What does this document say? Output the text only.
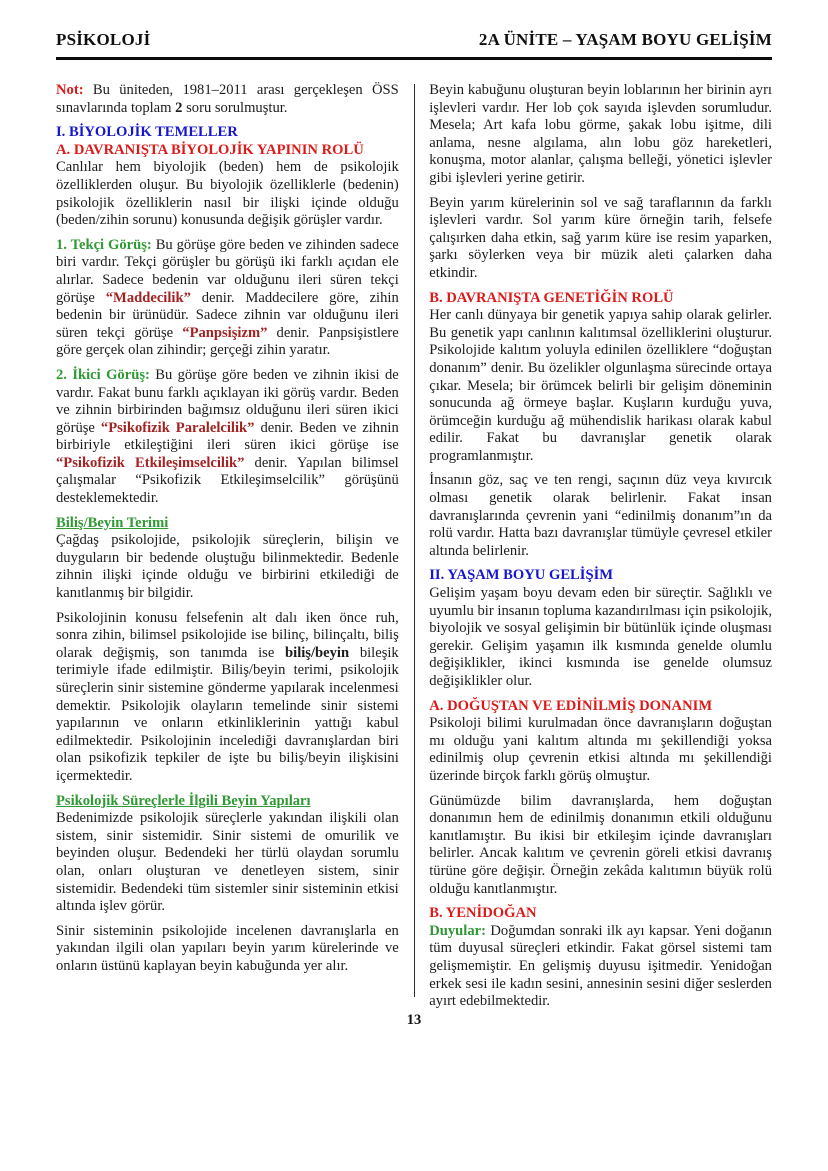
PSİKOLOJİ	2A ÜNİTE – YAŞAM BOYU GELİŞİM
Not: Bu üniteden, 1981–2011 arası gerçekleşen ÖSS sınavlarında toplam 2 soru sorulmuştur.
I. BİYOLOJİK TEMELLER
A. DAVRANIŞTA BİYOLOJİK YAPININ ROLÜ
Canlılar hem biyolojik (beden) hem de psikolojik özelliklerden oluşur. Bu biyolojik özelliklerle (bedenin) psikolojik özelliklerin nasıl bir ilişki içinde olduğu (beden/zihin sorunu) konusunda değişik görüşler vardır.
1. Tekçi Görüş: Bu görüşe göre beden ve zihinden sadece biri vardır. Tekçi görüşler bu görüşü iki farklı açıdan ele alırlar. Sadece bedenin var olduğunu ileri süren tekçi görüşe “Maddecilik” denir. Maddecilere göre, zihin bedenin bir ürünüdür. Sadece zihnin var olduğunu ileri süren tekçi görüşe “Panpsişizm” denir. Panpsişistlere göre gerçek olan zihindir; gerçeği zihin yaratır.
2. İkici Görüş: Bu görüşe göre beden ve zihnin ikisi de vardır. Fakat bunu farklı açıklayan iki görüş vardır. Beden ve zihnin birbirinden bağımsız olduğunu ileri süren ikici görüşe “Psikofizik Paralelcilik” denir. Beden ve zihnin birbiriyle etkileştiğini ileri süren ikici görüşe ise “Psikofizik Etkileşimselcilik” denir. Yapılan bilimsel çalışmalar “Psikofizik Etkileşimselcilik” görüşünü desteklemektedir.
Biliş/Beyin Terimi
Çağdaş psikolojide, psikolojik süreçlerin, bilişin ve duyguların bir bedende oluştuğu bilinmektedir. Bedenle zihnin ilişki içinde olduğu ve birbirini etkilediği de kanıtlanmış bir bilgidir.
Psikolojinin konusu felsefenin alt dalı iken önce ruh, sonra zihin, bilimsel psikolojide ise bilinç, bilinçaltı, biliş olarak değişmiş, son tanımda ise biliş/beyin bileşik terimiyle ifade edilmiştir. Biliş/beyin terimi, psikolojik süreçlerin sinir sistemine gönderme yapılarak incelenmesi demektir. Psikolojik olayların temelinde sinir sistemi yapılarının ve onların etkinliklerinin yattığı kabul edilmektedir. Psikolojinin incelediği davranışlardan biri olan psikofizik tepkiler de işte bu biliş/beyin ilişkisini içermektedir.
Psikolojik Süreçlerle İlgili Beyin Yapıları
Bedenimizde psikolojik süreçlerle yakından ilişkili olan sistem, sinir sistemidir. Sinir sistemi de omurilik ve beyinden oluşur. Bedendeki her türlü olaydan sorumlu olan, onları oluşturan ve denetleyen sistem, sinir sistemidir. Bedendeki tüm sistemler sinir sisteminin etkisi altında işlev görür.
Sinir sisteminin psikolojide incelenen davranışlarla en yakından ilgili olan yapıları beyin yarım kürelerinde ve onların üstünü kaplayan beyin kabuğunda yer alır.
Beyin kabuğunu oluşturan beyin loblarının her birinin ayrı işlevleri vardır. Her lob çok sayıda işlevden sorumludur. Mesela; Art kafa lobu görme, şakak lobu işitme, dili anlama, nesne algılama, alın lobu göz hareketleri, konuşma, motor alanlar, çalışma belleği, yönetici işlevler gibi işlevleri yerine getirir.
Beyin yarım kürelerinin sol ve sağ taraflarının da farklı işlevleri vardır. Sol yarım küre örneğin tarih, felsefe çalışırken daha etkin, sağ yarım küre ise resim yaparken, şarkı söylerken veya bir müzik aleti çalarken daha etkindir.
B. DAVRANIŞTA GENETİĞİN ROLÜ
Her canlı dünyaya bir genetik yapıya sahip olarak gelirler. Bu genetik yapı canlının kalıtımsal özelliklerini oluşturur. Psikolojide kalıtım yoluyla edinilen özelliklere “doğuştan donanım” denir. Bu özelikler olgunlaşma sürecinde ortaya çıkar. Mesela; bir örümcek belirli bir gelişim döneminin sonucunda ağ örmeye başlar. Kuşların kurduğu yuva, örümceğin kurduğu ağ mühendislik harikası olarak kabul edilir. Fakat bu davranışlar genetik olarak programlanmıştır.
İnsanın göz, saç ve ten rengi, saçının düz veya kıvırcık olması genetik olarak belirlenir. Fakat insan davranışlarında çevrenin yani “edinilmiş donanım”ın da rolü vardır. Hatta bazı davranışlar tümüyle çevresel etkiler altında belirlenir.
II. YAŞAM BOYU GELİŞİM
Gelişim yaşam boyu devam eden bir süreçtir. Sağlıklı ve uyumlu bir insanın topluma kazandırılması için psikolojik, biyolojik ve sosyal gelişimin bir bütünlük içinde oluşması gerekir. Gelişim yaşamın ilk kısmında genelde olumlu değişiklikler, ikinci kısmında ise genelde olumsuz değişiklikler olur.
A. DOĞUŞTAN VE EDİNİLMİŞ DONANIM
Psikoloji bilimi kurulmadan önce davranışların doğuştan mı olduğu yani kalıtım altında mı şekillendiği yoksa edinilmiş olup çevrenin etkisi altında mı şekillendiği üzerinde birçok farklı görüş olmuştur.
Günümüzde bilim davranışlarda, hem doğuştan donanımın hem de edinilmiş donanımın etkili olduğunu kanıtlamıştır. Bu ikisi bir etkileşim içinde davranışları belirler. Ancak kalıtım ve çevrenin göreli etkisi davranış türüne göre değişir. Örneğin zekâda kalıtımın büyük rolü olduğu kanıtlanmıştır.
B. YENİDOĞAN
Duyular: Doğumdan sonraki ilk ayı kapsar. Yeni doğanın tüm duyusal süreçleri etkindir. Fakat görsel sistemi tam gelişmemiştir. En gelişmiş duyusu işitmedir. Yenidoğan erkek sesi ile kadın sesini, annesinin sesini diğer seslerden ayırt edebilmektedir.
13
